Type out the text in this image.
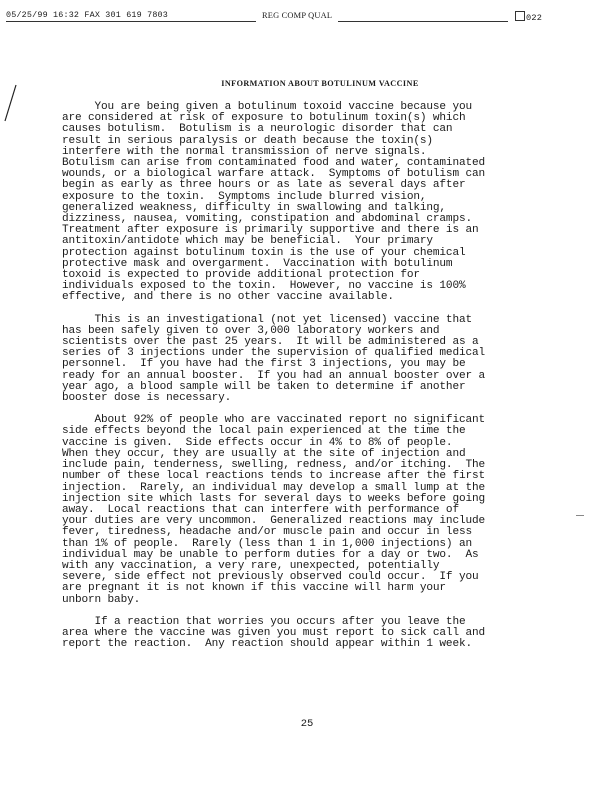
05/25/99 16:32 FAX 301 619 7803	REG COMP QUAL	022
INFORMATION ABOUT BOTULINUM VACCINE

You are being given a botulinum toxoid vaccine because you
are considered at risk of exposure to botulinum toxin(s) which
causes botulism.  Botulism is a neurologic disorder that can
result in serious paralysis or death because the toxin(s)
interfere with the normal transmission of nerve signals.
Botulism can arise from contaminated food and water, contaminated
wounds, or a biological warfare attack.  Symptoms of botulism can
begin as early as three hours or as late as several days after
exposure to the toxin.  Symptoms include blurred vision,
generalized weakness, difficulty in swallowing and talking,
dizziness, nausea, vomiting, constipation and abdominal cramps.
Treatment after exposure is primarily supportive and there is an
antitoxin/antidote which may be beneficial.  Your primary
protection against botulinum toxin is the use of your chemical
protective mask and overgarment.  Vaccination with botulinum
toxoid is expected to provide additional protection for
individuals exposed to the toxin.  However, no vaccine is 100%
effective, and there is no other vaccine available.

This is an investigational (not yet licensed) vaccine that
has been safely given to over 3,000 laboratory workers and
scientists over the past 25 years.  It will be administered as a
series of 3 injections under the supervision of qualified medical
personnel.  If you have had the first 3 injections, you may be
ready for an annual booster.  If you had an annual booster over a
year ago, a blood sample will be taken to determine if another
booster dose is necessary.

About 92% of people who are vaccinated report no significant
side effects beyond the local pain experienced at the time the
vaccine is given.  Side effects occur in 4% to 8% of people.
When they occur, they are usually at the site of injection and
include pain, tenderness, swelling, redness, and/or itching.  The
number of these local reactions tends to increase after the first
injection.  Rarely, an individual may develop a small lump at the
injection site which lasts for several days to weeks before going
away.  Local reactions that can interfere with performance of
your duties are very uncommon.  Generalized reactions may include
fever, tiredness, headache and/or muscle pain and occur in less
than 1% of people.  Rarely (less than 1 in 1,000 injections) an
individual may be unable to perform duties for a day or two.  As
with any vaccination, a very rare, unexpected, potentially
severe, side effect not previously observed could occur.  If you
are pregnant it is not known if this vaccine will harm your
unborn baby.

If a reaction that worries you occurs after you leave the
area where the vaccine was given you must report to sick call and
report the reaction.  Any reaction should appear within 1 week.

25
